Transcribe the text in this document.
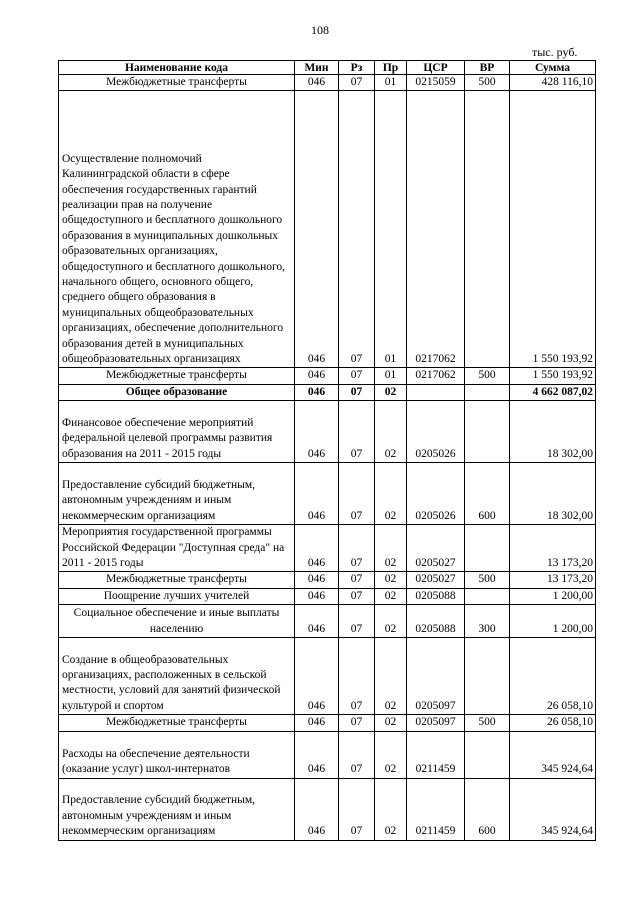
108
тыс. руб.
Наименование кода	Мин	Рз	Пр	ЦСР	ВР	Сумма
Межбюджетные трансферты	046	07	01	0215059	500	428 116,10
Осуществление полномочий Калининградской области в сфере обеспечения государственных гарантий реализации прав на получение общедоступного и бесплатного дошкольного образования в муниципальных дошкольных образовательных организациях, общедоступного и бесплатного дошкольного, начального общего, основного общего, среднего общего образования в муниципальных общеобразовательных организациях, обеспечение дополнительного образования детей в муниципальных общеобразовательных организациях	046	07	01	0217062		1 550 193,92
Межбюджетные трансферты	046	07	01	0217062	500	1 550 193,92
Общее образование	046	07	02			4 662 087,02
Финансовое обеспечение мероприятий федеральной целевой программы развития образования на 2011 - 2015 годы	046	07	02	0205026		18 302,00
Предоставление субсидий бюджетным, автономным учреждениям и иным некоммерческим организациям	046	07	02	0205026	600	18 302,00
Мероприятия государственной программы Российской Федерации "Доступная среда" на 2011 - 2015 годы	046	07	02	0205027		13 173,20
Межбюджетные трансферты	046	07	02	0205027	500	13 173,20
Поощрение лучших учителей	046	07	02	0205088		1 200,00
Социальное обеспечение и иные выплаты населению	046	07	02	0205088	300	1 200,00
Создание в общеобразовательных организациях, расположенных в сельской местности, условий для занятий физической культурой и спортом	046	07	02	0205097		26 058,10
Межбюджетные трансферты	046	07	02	0205097	500	26 058,10
Расходы на обеспечение деятельности (оказание услуг) школ-интернатов	046	07	02	0211459		345 924,64
Предоставление субсидий бюджетным, автономным учреждениям и иным некоммерческим организациям	046	07	02	0211459	600	345 924,64
